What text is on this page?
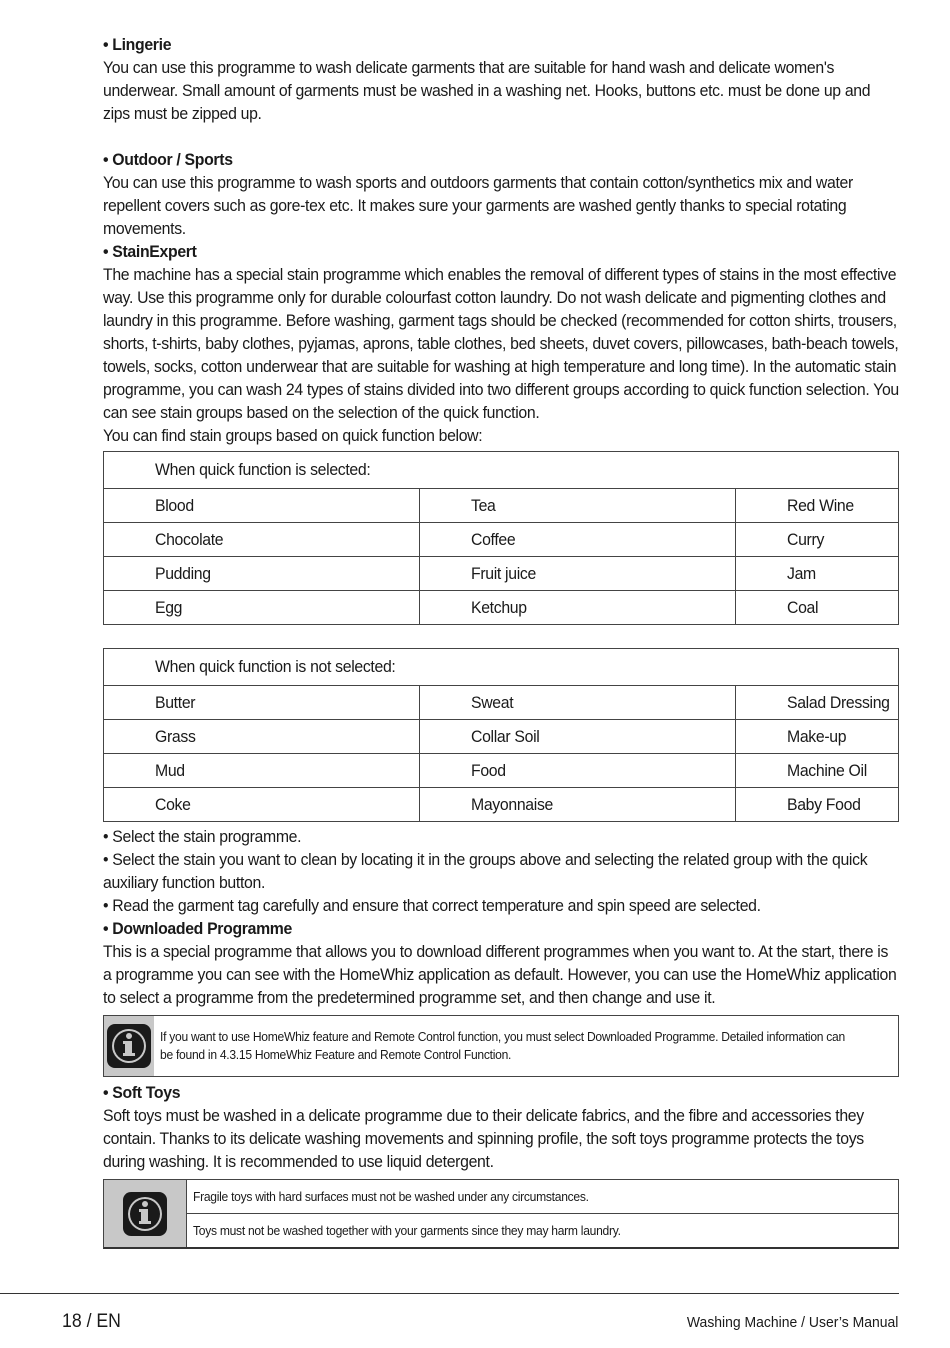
• Lingerie

You can use this programme to wash delicate garments that are suitable for hand wash and delicate women's underwear. Small amount of garments must be washed in a washing net. Hooks, buttons etc. must be done up and zips must be zipped up.

• Outdoor / Sports

You can use this programme to wash sports and outdoors garments that contain cotton/synthetics mix and water repellent covers such as gore-tex etc. It makes sure your garments are washed gently thanks to special rotating movements.

• StainExpert

The machine has a special stain programme which enables the removal of different types of stains in the most effective way. Use this programme only for durable colourfast cotton laundry. Do not wash delicate and pigmenting clothes and laundry in this programme. Before washing, garment tags should be checked (recommended for cotton shirts, trousers, shorts, t-shirts, baby clothes, pyjamas, aprons, table clothes, bed sheets, duvet covers, pillowcases, bath-beach towels, towels, socks, cotton underwear that are suitable for washing at high temperature and long time). In the automatic stain programme, you can wash 24 types of stains divided into two different groups according to quick function selection. You can see stain groups based on the selection of the quick function.

You can find stain groups based on quick function below:

When quick function is selected:		
Blood	Tea	Red Wine
Chocolate	Coffee	Curry
Pudding	Fruit juice	Jam
Egg	Ketchup	Coal
When quick function is not selected:		
Butter	Sweat	Salad Dressing
Grass	Collar Soil	Make-up
Mud	Food	Machine Oil
Coke	Mayonnaise	Baby Food

• Select the stain programme.

• Select the stain you want to clean by locating it in the groups above and selecting the related group with the quick auxiliary function button.

• Read the garment tag carefully and ensure that correct temperature and spin speed are selected.

• Downloaded Programme

This is a special programme that allows you to download different programmes when you want to. At the start, there is a programme you can see with the HomeWhiz application as default. However, you can use the HomeWhiz application to select a programme from the predetermined programme set, and then change and use it.

If you want to use HomeWhiz feature and Remote Control function, you must select Downloaded Programme. Detailed information can be found in 4.3.15 HomeWhiz Feature and Remote Control Function.
• Soft Toys

Soft toys must be washed in a delicate programme due to their delicate fabrics, and the fibre and accessories they contain. Thanks to its delicate washing movements and spinning profile, the soft toys programme protects the toys during washing. It is recommended to use liquid detergent.

Fragile toys with hard surfaces must not be washed under any circumstances.
Toys must not be washed together with your garments since they may harm laundry.
18 / EN	Washing Machine / User’s Manual
